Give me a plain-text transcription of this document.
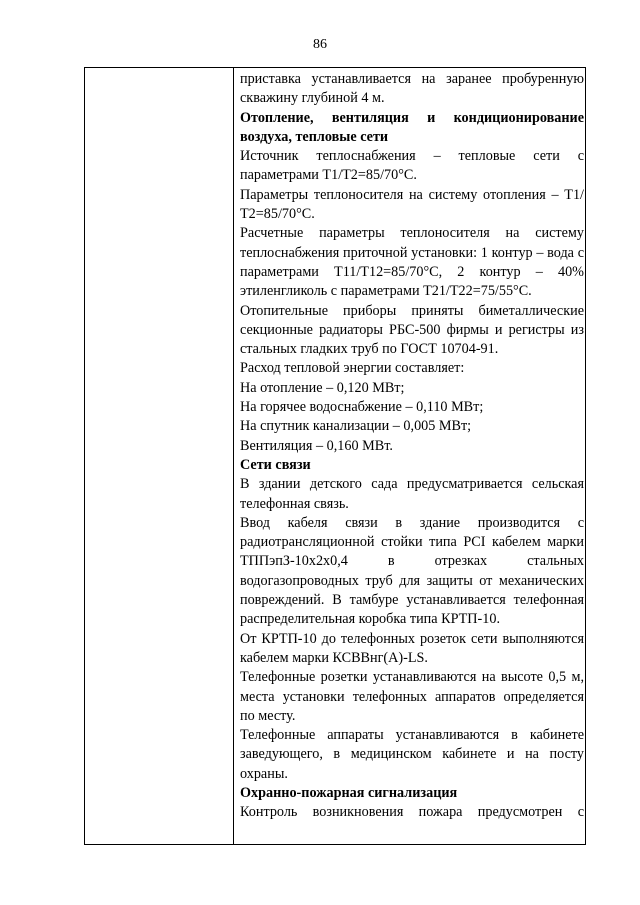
86

приставка устанавливается на заранее пробуренную скважину глубиной 4 м.

Отопление, вентиляция и кондиционирование воздуха, тепловые сети

Источник теплоснабжения – тепловые сети с параметрами Т1/Т2=85/70°С.

Параметры теплоносителя на систему отопления – Т1/Т2=85/70°С.

Расчетные параметры теплоносителя на систему теплоснабжения приточной установки: 1 контур – вода с параметрами Т11/Т12=85/70°С, 2 контур – 40% этиленгликоль с параметрами Т21/Т22=75/55°С.

Отопительные приборы приняты биметаллические секционные радиаторы РБС-500 фирмы и регистры из стальных гладких труб по ГОСТ 10704-91.

Расход тепловой энергии составляет:

На отопление – 0,120 МВт;

На горячее водоснабжение – 0,110 МВт;

На спутник канализации – 0,005 МВт;

Вентиляция – 0,160 МВт.

Сети связи

В здании детского сада предусматривается сельская телефонная связь.

Ввод кабеля связи в здание производится с радиотрансляционной стойки типа PCI кабелем марки ТППэпЗ-10х2х0,4 в отрезках стальных водогазопроводных труб для защиты от механических повреждений. В тамбуре устанавливается телефонная распределительная коробка типа КРТП-10.

От КРТП-10 до телефонных розеток сети выполняются кабелем марки КСВВнг(А)-LS.

Телефонные розетки устанавливаются на высоте 0,5 м, места установки телефонных аппаратов определяется по месту.

Телефонные аппараты устанавливаются в кабинете заведующего, в медицинском кабинете и на посту охраны.

Охранно-пожарная сигнализация

Контроль возникновения пожара предусмотрен с
